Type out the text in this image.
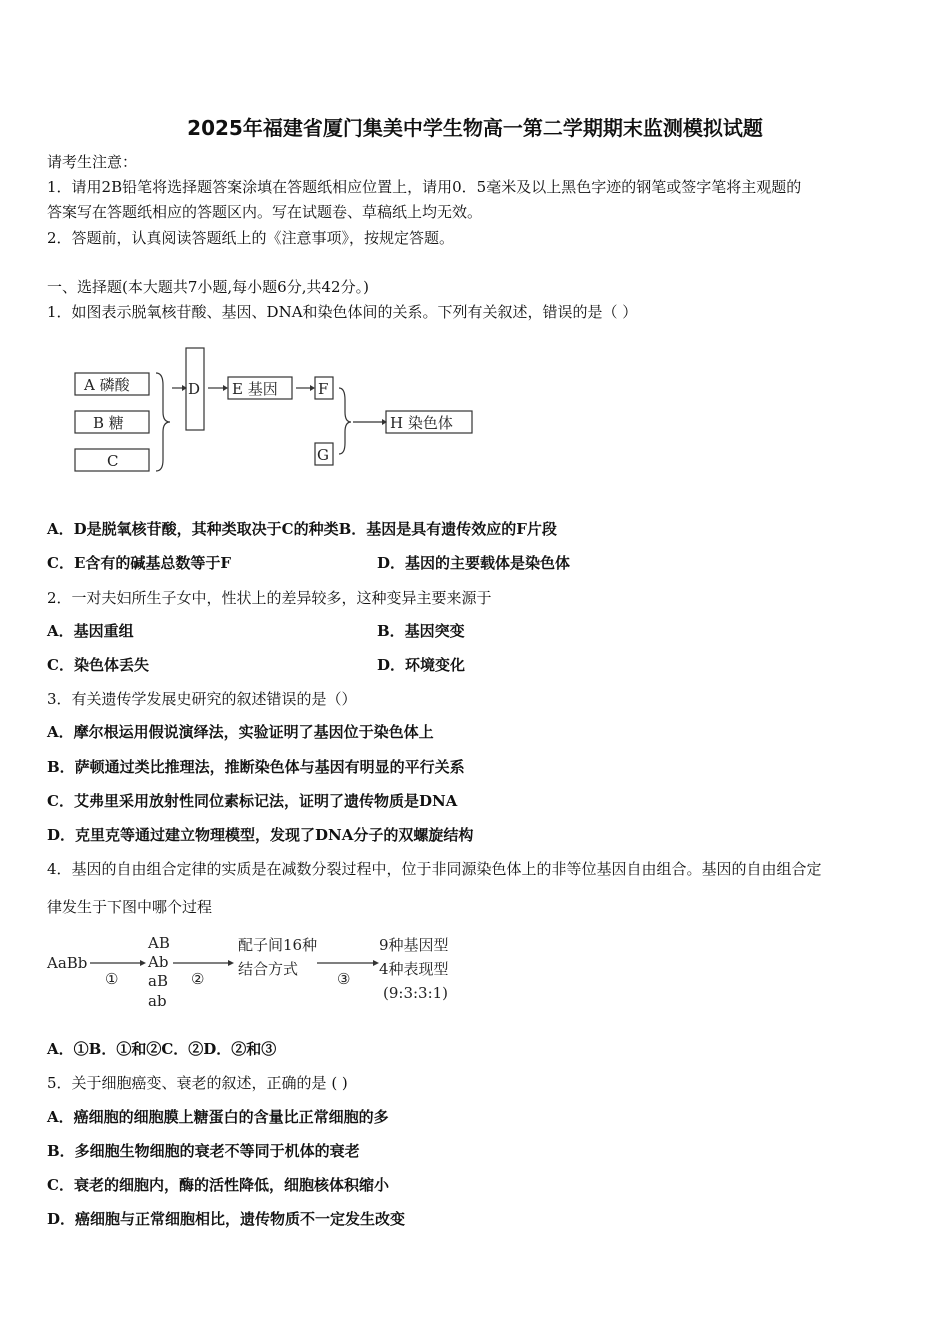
2025年福建省厦门集美中学生物高一第二学期期末监测模拟试题
请考生注意：
1．请用2B铅笔将选择题答案涂填在答题纸相应位置上，请用0．5毫米及以上黑色字迹的钢笔或签字笔将主观题的
答案写在答题纸相应的答题区内。写在试题卷、草稿纸上均无效。
2．答题前，认真阅读答题纸上的《注意事项》，按规定答题。
一、选择题(本大题共7小题,每小题6分,共42分。)
1．如图表示脱氧核苷酸、基因、DNA和染色体间的关系。下列有关叙述，错误的是（ ）
A 磷酸
B 糖
C
D E 基因	F
G
H 染色体
A．D是脱氧核苷酸，其种类取决于C的种类B．基因是具有遗传效应的F片段
C．E含有的碱基总数等于F	D．基因的主要载体是染色体
2．一对夫妇所生子女中，性状上的差异较多，这种变异主要来源于
A．基因重组	B．基因突变
C．染色体丢失	D．环境变化
3．有关遗传学发展史研究的叙述错误的是（）
A．摩尔根运用假说演绎法，实验证明了基因位于染色体上
B．萨顿通过类比推理法，推断染色体与基因有明显的平行关系
C．艾弗里采用放射性同位素标记法，证明了遗传物质是DNA
D．克里克等通过建立物理模型，发现了DNA分子的双螺旋结构
4．基因的自由组合定律的实质是在减数分裂过程中，位于非同源染色体上的非等位基因自由组合。基因的自由组合定
律发生于下图中哪个过程
AaBb
①
AB
Ab
aB
ab
②
配子间16种
结合方式
③
9种基因型
4种表现型
(9:3:3:1)
A．①B．①和②C．②D．②和③
5．关于细胞癌变、衰老的叙述，正确的是 ( )
A．癌细胞的细胞膜上糖蛋白的含量比正常细胞的多
B．多细胞生物细胞的衰老不等同于机体的衰老
C．衰老的细胞内，酶的活性降低，细胞核体积缩小
D．癌细胞与正常细胞相比，遗传物质不一定发生改变
